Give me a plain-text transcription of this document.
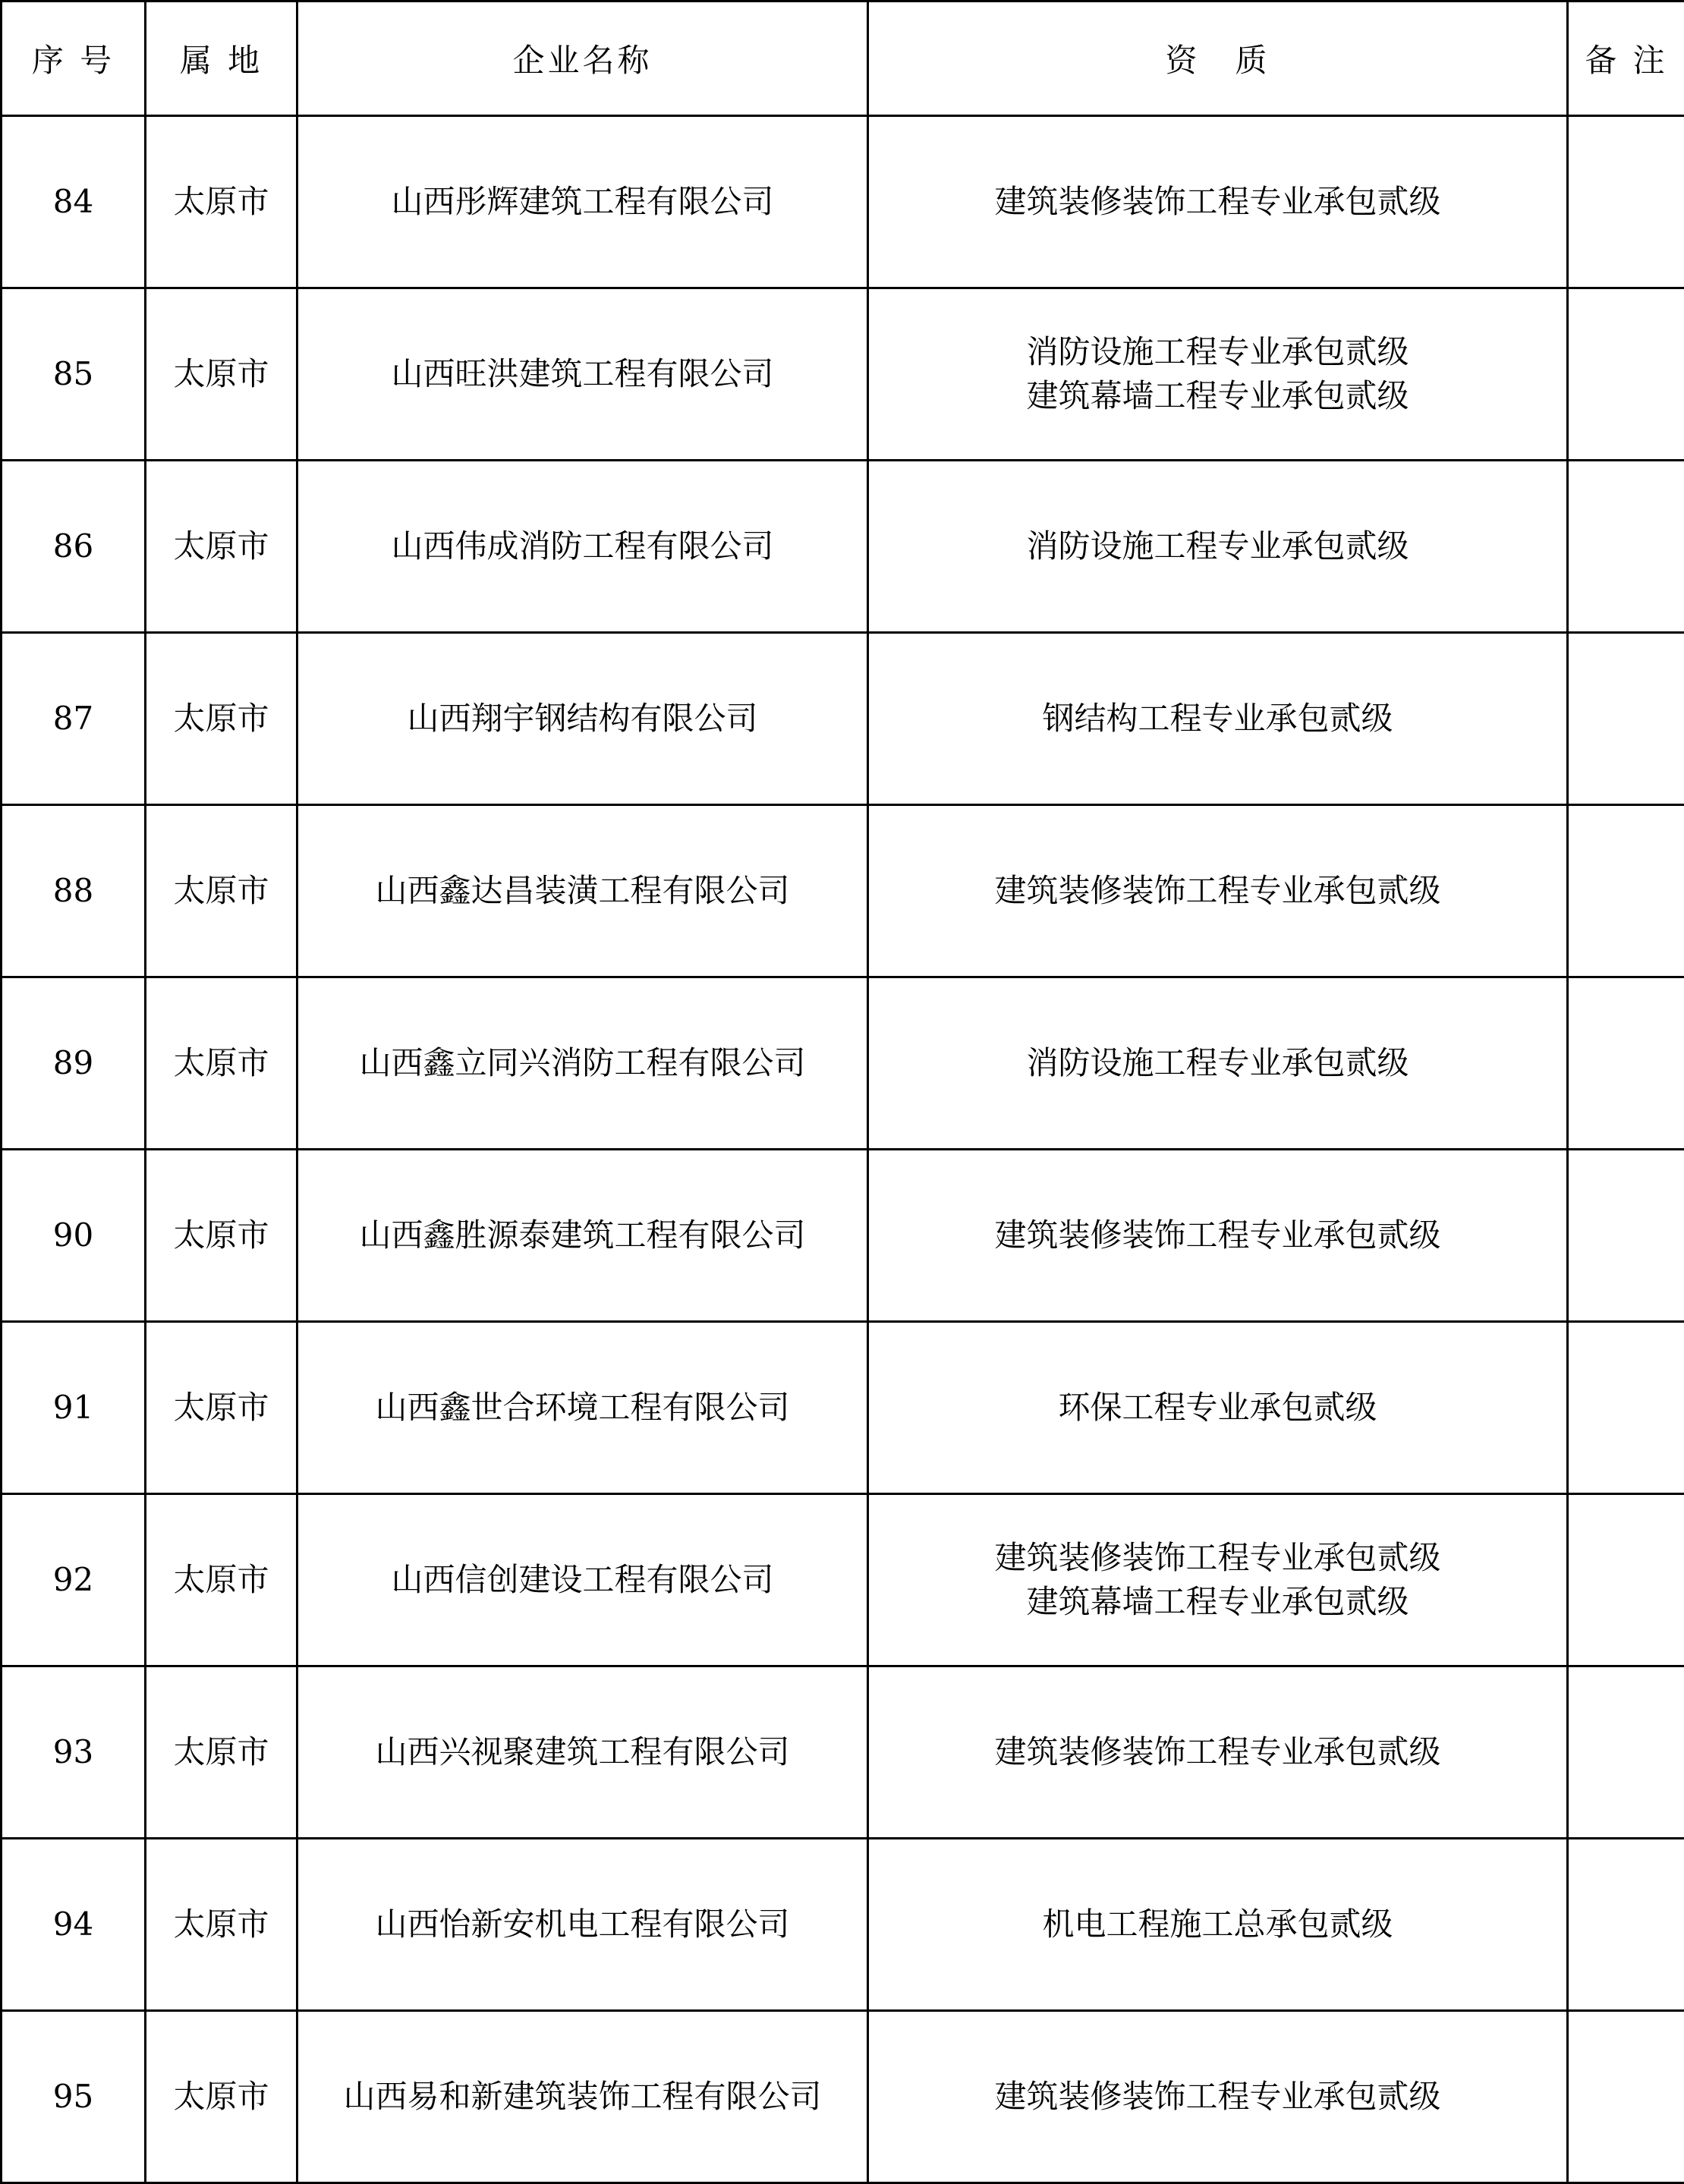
序 号	属 地	企业名称	资　质	备 注
84	太原市	山西彤辉建筑工程有限公司	建筑装修装饰工程专业承包贰级	

85	太原市	山西旺洪建筑工程有限公司	消防设施工程专业承包贰级
建筑幕墙工程专业承包贰级	

86	太原市	山西伟成消防工程有限公司	消防设施工程专业承包贰级	

87	太原市	山西翔宇钢结构有限公司	钢结构工程专业承包贰级	

88	太原市	山西鑫达昌装潢工程有限公司	建筑装修装饰工程专业承包贰级	

89	太原市	山西鑫立同兴消防工程有限公司	消防设施工程专业承包贰级	

90	太原市	山西鑫胜源泰建筑工程有限公司	建筑装修装饰工程专业承包贰级	

91	太原市	山西鑫世合环境工程有限公司	环保工程专业承包贰级	

92	太原市	山西信创建设工程有限公司	建筑装修装饰工程专业承包贰级
建筑幕墙工程专业承包贰级	

93	太原市	山西兴视聚建筑工程有限公司	建筑装修装饰工程专业承包贰级	

94	太原市	山西怡新安机电工程有限公司	机电工程施工总承包贰级	

95	太原市	山西易和新建筑装饰工程有限公司	建筑装修装饰工程专业承包贰级	
